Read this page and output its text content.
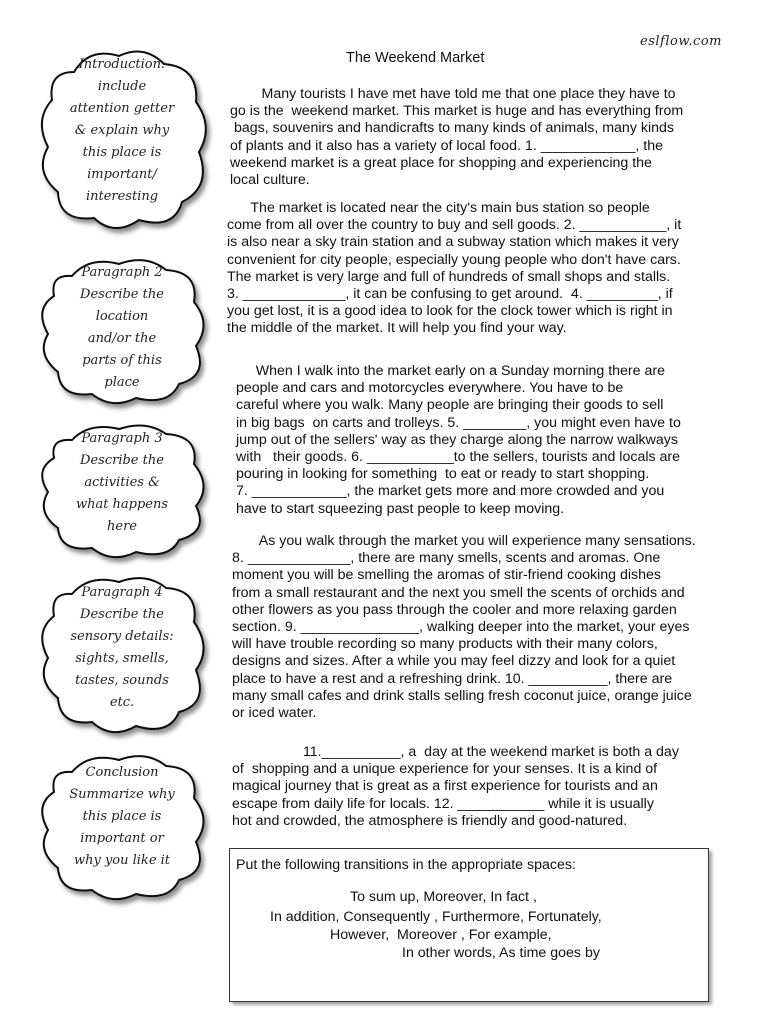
eslflow.com
The Weekend Market
Introduction:
include
attention getter
& explain why
this place is
important/
interesting
Paragraph 2
Describe the
location
and/or the
parts of this
place
Paragraph 3
Describe the
activities &
what happens
here
Paragraph 4
Describe the
sensory details:
sights, smells,
tastes, sounds
etc.
Conclusion
Summarize why
this place is
important or
why you like it

Many tourists I have met have told me that one place they have to
go is the  weekend market. This market is huge and has everything from
bags, souvenirs and handicrafts to many kinds of animals, many kinds
of plants and it also has a variety of local food. 1. ____________, the
weekend market is a great place for shopping and experiencing the
local culture.

The market is located near the city's main bus station so people
come from all over the country to buy and sell goods. 2. ___________, it
is also near a sky train station and a subway station which makes it very
convenient for city people, especially young people who don't have cars.
The market is very large and full of hundreds of small shops and stalls.
3. _____________, it can be confusing to get around.  4. _________, if
you get lost, it is a good idea to look for the clock tower which is right in
the middle of the market. It will help you find your way.

When I walk into the market early on a Sunday morning there are
people and cars and motorcycles everywhere. You have to be
careful where you walk. Many people are bringing their goods to sell
in big bags  on carts and trolleys. 5. ________, you might even have to
jump out of the sellers' way as they charge along the narrow walkways
with   their goods. 6. ___________to the sellers, tourists and locals are
pouring in looking for something  to eat or ready to start shopping.
7. ____________, the market gets more and more crowded and you
have to start squeezing past people to keep moving.

As you walk through the market you will experience many sensations.
8. _____________, there are many smells, scents and aromas. One
moment you will be smelling the aromas of stir-friend cooking dishes
from a small restaurant and the next you smell the scents of orchids and
other flowers as you pass through the cooler and more relaxing garden
section. 9. _______________, walking deeper into the market, your eyes
will have trouble recording so many products with their many colors,
designs and sizes. After a while you may feel dizzy and look for a quiet
place to have a rest and a refreshing drink. 10. __________, there are
many small cafes and drink stalls selling fresh coconut juice, orange juice
or iced water.

11.__________, a  day at the weekend market is both a day
of  shopping and a unique experience for your senses. It is a kind of
magical journey that is great as a first experience for tourists and an
escape from daily life for locals. 12. ___________ while it is usually
hot and crowded, the atmosphere is friendly and good-natured.

Put the following transitions in the appropriate spaces:
To sum up, Moreover, In fact ,
In addition, Consequently , Furthermore, Fortunately,
However,  Moreover , For example,
In other words, As time goes by
